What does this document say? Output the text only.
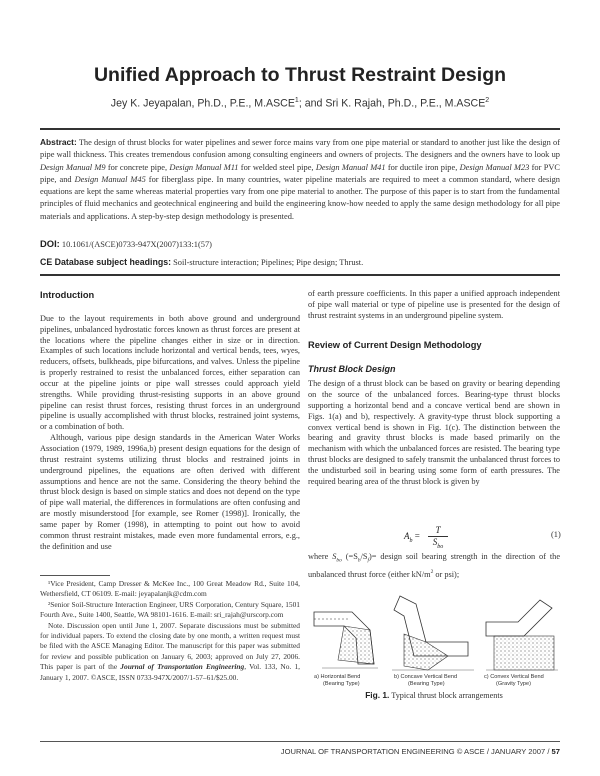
Unified Approach to Thrust Restraint Design
Jey K. Jeyapalan, Ph.D., P.E., M.ASCE$^1$; and Sri K. Rajah, Ph.D., P.E., M.ASCE$^2$
Abstract: The design of thrust blocks for water pipelines and sewer force mains vary from one pipe material or standard to another just like the design of pipe wall thickness. This creates tremendous confusion among consulting engineers and owners of projects. The designers and the owners have to look up Design Manual M9 for concrete pipe, Design Manual M11 for welded steel pipe, Design Manual M41 for ductile iron pipe, Design Manual M23 for PVC pipe, and Design Manual M45 for fiberglass pipe. In many countries, water pipeline materials are required to meet a common standard, where design equations are kept the same whereas material properties vary from one pipe material to another. The purpose of this paper is to start from the fundamental principles of fluid mechanics and geotechnical engineering and build the engineering know-how needed to apply the same design methodology for all pipe materials and applications. A step-by-step design methodology is presented.
DOI: 10.1061/(ASCE)0733-947X(2007)133:1(57)
CE Database subject headings: Soil-structure interaction; Pipelines; Pipe design; Thrust.
Introduction

Due to the layout requirements in both above ground and underground pipelines, unbalanced hydrostatic forces known as thrust forces are present at the locations where the pipeline changes either in size or in direction. Examples of such locations include horizontal and vertical bends, tees, wyes, reducers, offsets, bulkheads, pipe bifurcations, and valves. Unless the pipeline is properly restrained to resist the unbalanced forces, either separation can occur at the pipeline joints or pipe wall stresses could approach yield strengths. While providing thrust-resisting supports in an above ground pipeline can resist thrust forces, resisting thrust forces in an underground pipeline is usually accomplished with thrust blocks, restrained joint systems, or a combination of both.

Although, various pipe design standards in the American Water Works Association (1979, 1989, 1996a,b) present design equations for the design of thrust restraint systems utilizing thrust blocks and restrained joints in underground pipelines, the equations are often derived with different assumptions and hence are not the same. Considering the theory behind the thrust block design is based on simple statics and does not depend on the type of pipe wall material, the differences in formulations are often confusing and are mostly misunderstood [for example, see Romer (1998)]. Ironically, the same paper by Romer (1998), in attempting to point out how to avoid common thrust restraint mistakes, made even more fundamental errors, e.g., the definition and use

¹Vice President, Camp Dresser & McKee Inc., 100 Great Meadow Rd., Suite 104, Wethersfield, CT 06109. E-mail: jeyapalanjk@cdm.com

²Senior Soil-Structure Interaction Engineer, URS Corporation, Century Square, 1501 Fourth Ave., Suite 1400, Seattle, WA 98101-1616. E-mail: sri_rajah@urscorp.com

Note. Discussion open until June 1, 2007. Separate discussions must be submitted for individual papers. To extend the closing date by one month, a written request must be filed with the ASCE Managing Editor. The manuscript for this paper was submitted for review and possible publication on January 6, 2003; approved on July 27, 2006. This paper is part of the Journal of Transportation Engineering, Vol. 133, No. 1, January 1, 2007. ©ASCE, ISSN 0733-947X/2007/1-57–61/$25.00.

of earth pressure coefficients. In this paper a unified approach independent of pipe wall material or type of pipeline use is presented for the design of thrust restraint systems in an underground pipeline system.

Review of Current Design Methodology
Thrust Block Design

The design of a thrust block can be based on gravity or bearing depending on the source of the unbalanced forces. Bearing-type thrust blocks supporting a horizontal bend and a concave vertical bend are shown in Figs. 1(a) and b), respectively. A gravity-type thrust block supporting a convex vertical bend is shown in Fig. 1(c). The distinction between the bearing and gravity thrust blocks is made based primarily on the mechanism with which the unbalanced forces are resisted. The bearing type thrust blocks are designed to safely transmit the unbalanced thrust forces to the undisturbed soil in bearing using some form of earth pressures. The required bearing area of the thrust block is given by

$A_b$ =
T
$S_{bo}$
(1)

where $S_{bo}$ $(=S_b/S_f)=$ design soil bearing strength in the direction of the unbalanced thrust force (either $kN/m^2$ or psi);

a) Horizontal Bend
(Bearing Type)
b) Concave Vertical Bend
(Bearing Type)
c) Convex Vertical Bend
(Gravity Type)
Fig. 1. Typical thrust block arrangements
JOURNAL OF TRANSPORTATION ENGINEERING © ASCE / JANUARY 2007 / 57
